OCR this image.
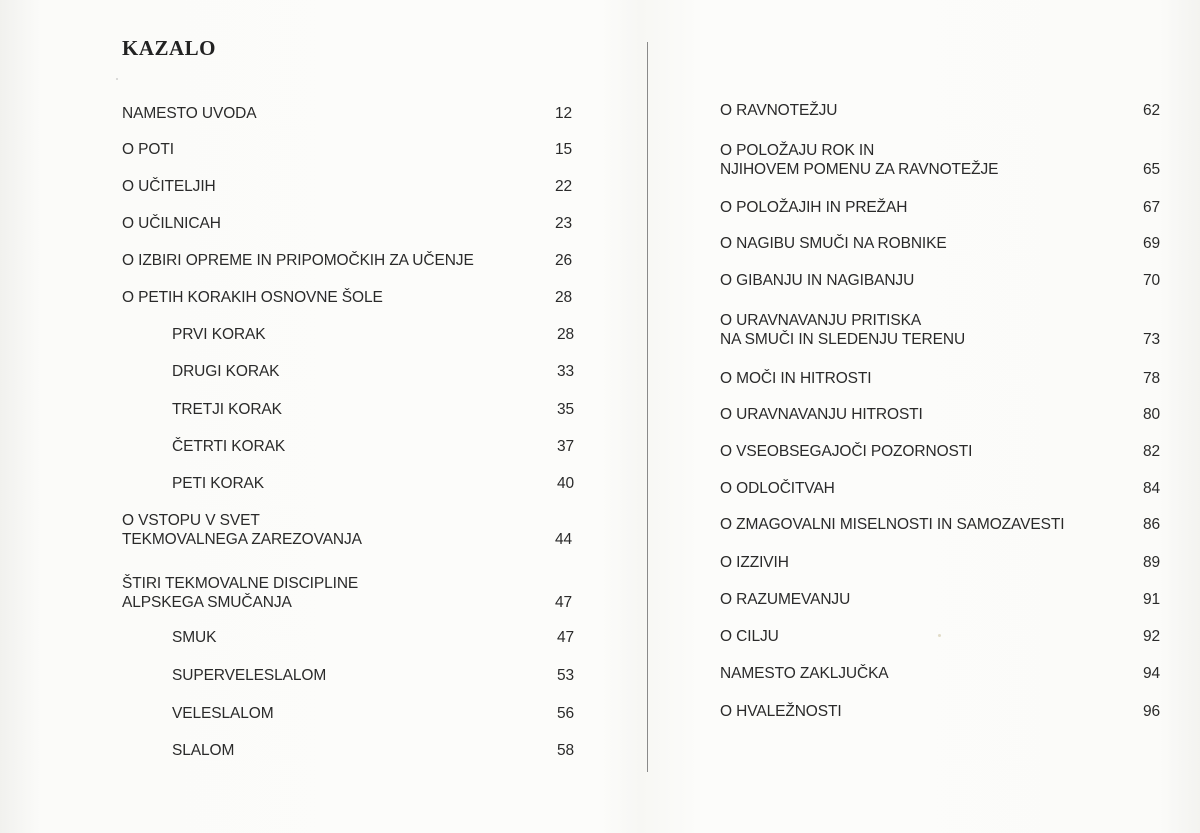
KAZALO
NAMESTO UVODA	12
O POTI	15
O UČITELJIH	22
O UČILNICAH	23
O IZBIRI OPREME IN PRIPOMOČKIH ZA UČENJE	26
O PETIH KORAKIH OSNOVNE ŠOLE	28
PRVI KORAK	28
DRUGI KORAK	33
TRETJI KORAK	35
ČETRTI KORAK	37
PETI KORAK	40
O VSTOPU V SVET
TEKMOVALNEGA ZAREZOVANJA	44
ŠTIRI TEKMOVALNE DISCIPLINE
ALPSKEGA SMUČANJA	47
SMUK	47
SUPERVELESLALOM	53
VELESLALOM	56
SLALOM	58
O RAVNOTEŽJU	62
O POLOŽAJU ROK IN
NJIHOVEM POMENU ZA RAVNOTEŽJE	65
O POLOŽAJIH IN PREŽAH	67
O NAGIBU SMUČI NA ROBNIKE	69
O GIBANJU IN NAGIBANJU	70
O URAVNAVANJU PRITISKA
NA SMUČI IN SLEDENJU TERENU	73
O MOČI IN HITROSTI	78
O URAVNAVANJU HITROSTI	80
O VSEOBSEGAJOČI POZORNOSTI	82
O ODLOČITVAH	84
O ZMAGOVALNI MISELNOSTI IN SAMOZAVESTI	86
O IZZIVIH	89
O RAZUMEVANJU	91
O CILJU	92
NAMESTO ZAKLJUČKA	94
O HVALEŽNOSTI	96
